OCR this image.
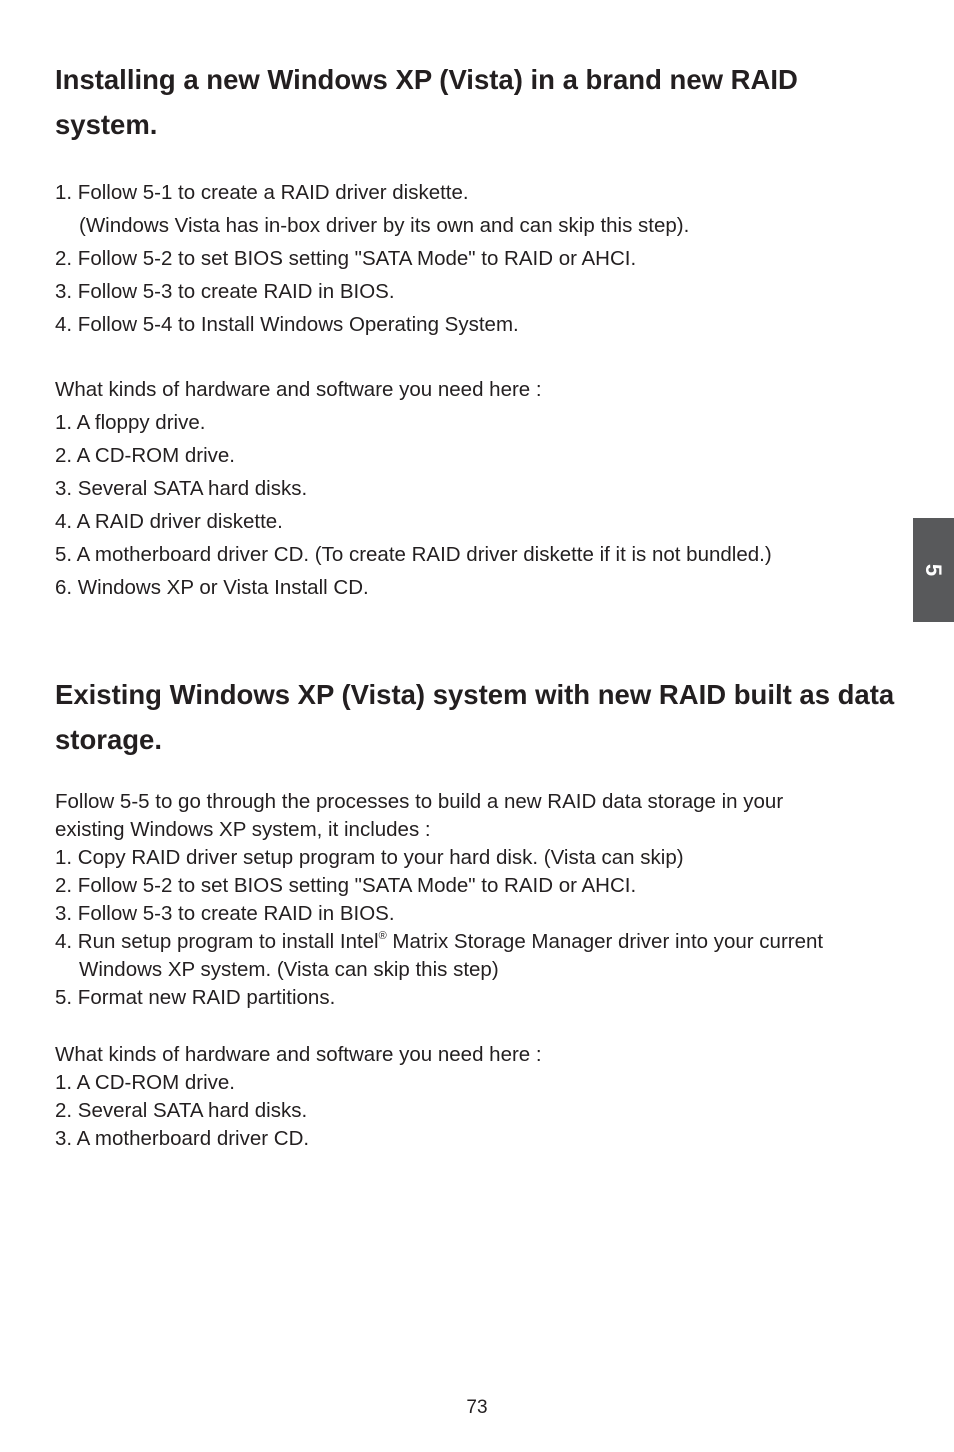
Installing a new Windows XP (Vista) in a brand new RAID system.
1. Follow 5-1 to create a RAID driver diskette.
(Windows Vista has in-box driver by its own and can skip this step).
2. Follow 5-2 to set BIOS setting "SATA Mode" to RAID or AHCI.
3. Follow 5-3 to create RAID in BIOS.
4. Follow 5-4 to Install Windows Operating System.
What kinds of hardware and software you need here :
1. A floppy drive.
2. A CD-ROM drive.
3. Several SATA hard disks.
4. A RAID driver diskette.
5. A motherboard driver CD. (To create RAID driver diskette if it is not bundled.)
6. Windows XP or Vista Install CD.
Existing Windows XP (Vista) system with new RAID built as data storage.
Follow 5-5 to go through the processes to build a new RAID data storage in your
existing Windows XP system, it includes :
1. Copy RAID driver setup program to your hard disk. (Vista can skip)
2. Follow 5-2 to set BIOS setting "SATA Mode" to RAID or AHCI.
3. Follow 5-3 to create RAID in BIOS.
4. Run setup program to install Intel® Matrix Storage Manager driver into your current
Windows XP system. (Vista can skip this step)
5. Format new RAID partitions.
What kinds of hardware and software you need here :
1. A CD-ROM drive.
2. Several SATA hard disks.
3. A motherboard driver CD.
5
73
